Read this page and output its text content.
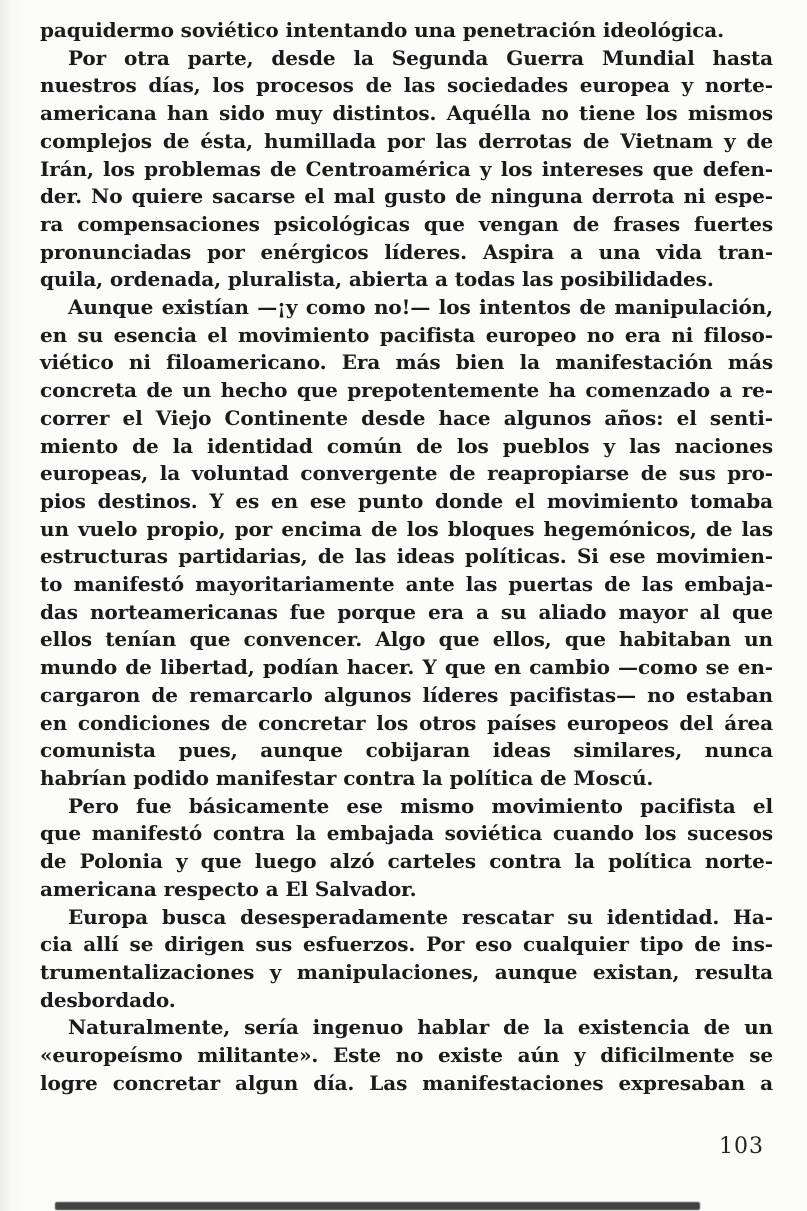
paquidermo soviético intentando una penetración ideológica.

Por otra parte, desde la Segunda Guerra Mundial hasta
nuestros días, los procesos de las sociedades europea y norte-
americana han sido muy distintos. Aquélla no tiene los mismos
complejos de ésta, humillada por las derrotas de Vietnam y de
Irán, los problemas de Centroamérica y los intereses que defen-
der. No quiere sacarse el mal gusto de ninguna derrota ni espe-
ra compensaciones psicológicas que vengan de frases fuertes
pronunciadas por enérgicos líderes. Aspira a una vida tran-
quila, ordenada, pluralista, abierta a todas las posibilidades.

Aunque existían —¡y como no!— los intentos de manipulación,
en su esencia el movimiento pacifista europeo no era ni filoso-
viético ni filoamericano. Era más bien la manifestación más
concreta de un hecho que prepotentemente ha comenzado a re-
correr el Viejo Continente desde hace algunos años: el senti-
miento de la identidad común de los pueblos y las naciones
europeas, la voluntad convergente de reapropiarse de sus pro-
pios destinos. Y es en ese punto donde el movimiento tomaba
un vuelo propio, por encima de los bloques hegemónicos, de las
estructuras partidarias, de las ideas políticas. Si ese movimien-
to manifestó mayoritariamente ante las puertas de las embaja-
das norteamericanas fue porque era a su aliado mayor al que
ellos tenían que convencer. Algo que ellos, que habitaban un
mundo de libertad, podían hacer. Y que en cambio —como se en-
cargaron de remarcarlo algunos líderes pacifistas— no estaban
en condiciones de concretar los otros países europeos del área
comunista pues, aunque cobijaran ideas similares, nunca
habrían podido manifestar contra la política de Moscú.

Pero fue básicamente ese mismo movimiento pacifista el
que manifestó contra la embajada soviética cuando los sucesos
de Polonia y que luego alzó carteles contra la política norte-
americana respecto a El Salvador.

Europa busca desesperadamente rescatar su identidad. Ha-
cia allí se dirigen sus esfuerzos. Por eso cualquier tipo de ins-
trumentalizaciones y manipulaciones, aunque existan, resulta
desbordado.

Naturalmente, sería ingenuo hablar de la existencia de un
«europeísmo militante». Este no existe aún y dificilmente se
logre concretar algun día. Las manifestaciones expresaban a

103
